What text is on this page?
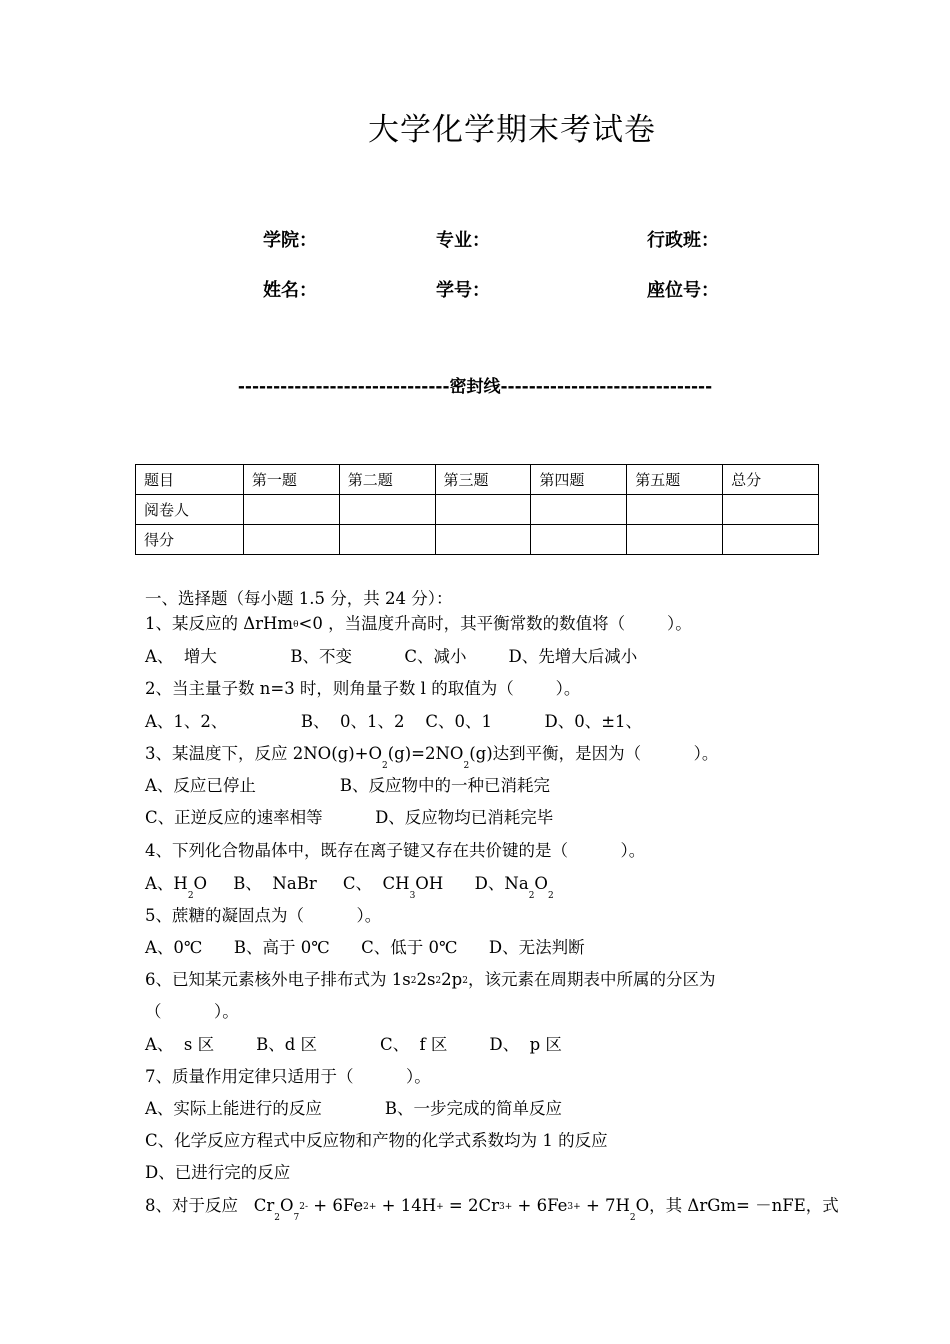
大学化学期末考试卷
学院：	专业：	行政班：
姓名：	学号：	座位号：
------------------------------密封线------------------------------
题目	第一题	第二题	第三题	第四题	第五题	总分
阅卷人						
得分						
一、选择题（每小题 1.5 分，共 24 分）：
1、某反应的 ΔrHm$^\theta$<0 ，当温度升高时，其平衡常数的数值将（        ）。
A、  增大              B、不变          C、减小        D、先增大后减小
2、当主量子数 n=3 时，则角量子数 l 的取值为（        ）。
A、1、2、              B、  0、1、2    C、0、1          D、0、±1、
3、某温度下，反应 $2NO(g)+O_2(g)=2NO_2(g)$达到平衡，是因为（          ）。
A、反应已停止                B、反应物中的一种已消耗完
C、正逆反应的速率相等          D、反应物均已消耗完毕
4、下列化合物晶体中，既存在离子键又存在共价键的是（          ）。
A、$H_2O$     B、  NaBr     C、  $CH_3OH$      D、$Na_2O_2$
5、蔗糖的凝固点为（          ）。
A、0℃      B、高于 0℃      C、低于 0℃      D、无法判断
6、已知某元素核外电子排布式为 $1s^22s^22p^2$，该元素在周期表中所属的分区为
（          ）。
A、  s 区        B、d 区            C、  f 区        D、  p 区
7、质量作用定律只适用于（          ）。
A、实际上能进行的反应            B、一步完成的简单反应
C、化学反应方程式中反应物和产物的化学式系数均为 1 的反应
D、已进行完的反应
8、对于反应   $Cr_2O_7^{2-} + 6Fe^{2+} + 14H^+ = 2Cr^{3+} + 6Fe^{3+} + 7H_2O$，其 ΔrGm= －nFE，式
